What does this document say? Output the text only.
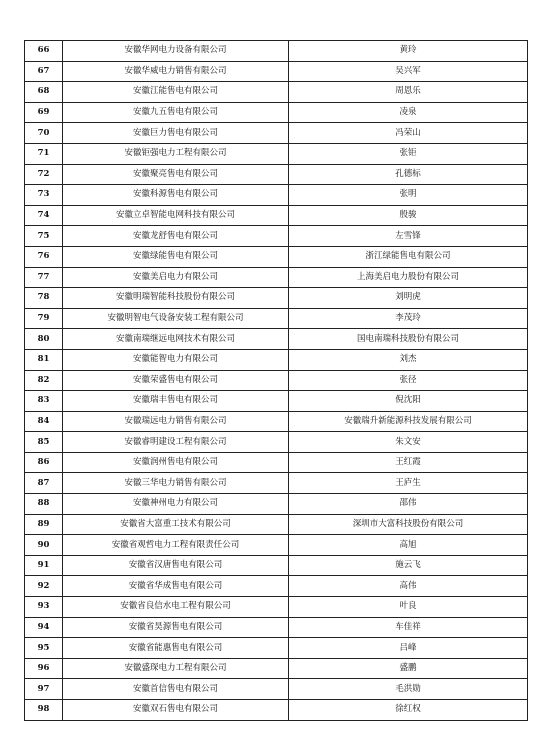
66	安徽华网电力设备有限公司	黄玲
67	安徽华威电力销售有限公司	吴兴军
68	安徽江能售电有限公司	周恩乐
69	安徽九五售电有限公司	凌泉
70	安徽巨力售电有限公司	冯荣山
71	安徽钜强电力工程有限公司	张钜
72	安徽聚亮售电有限公司	孔德标
73	安徽科源售电有限公司	张明
74	安徽立卓智能电网科技有限公司	殷骏
75	安徽龙舒售电有限公司	左雪锋
76	安徽绿能售电有限公司	浙江绿能售电有限公司
77	安徽美启电力有限公司	上海美启电力股份有限公司
78	安徽明瑞智能科技股份有限公司	刘明虎
79	安徽明智电气设备安装工程有限公司	李茂玲
80	安徽南瑞继远电网技术有限公司	国电南瑞科技股份有限公司
81	安徽能智电力有限公司	刘杰
82	安徽荣盛售电有限公司	张径
83	安徽瑞丰售电有限公司	倪沈阳
84	安徽瑞远电力销售有限公司	安徽瑞升新能源科技发展有限公司
85	安徽睿明建设工程有限公司	朱文安
86	安徽润州售电有限公司	王红霞
87	安徽三华电力销售有限公司	王庐生
88	安徽神州电力有限公司	邵伟
89	安徽省大富重工技术有限公司	深圳市大富科技股份有限公司
90	安徽省观哲电力工程有限责任公司	高旭
91	安徽省汉唐售电有限公司	施云飞
92	安徽省华成售电有限公司	高伟
93	安徽省良信水电工程有限公司	叶良
94	安徽省昊源售电有限公司	车佳祥
95	安徽省能惠售电有限公司	吕峰
96	安徽盛琛电力工程有限公司	盛鹏
97	安徽首信售电有限公司	毛洪勋
98	安徽双石售电有限公司	徐红权
